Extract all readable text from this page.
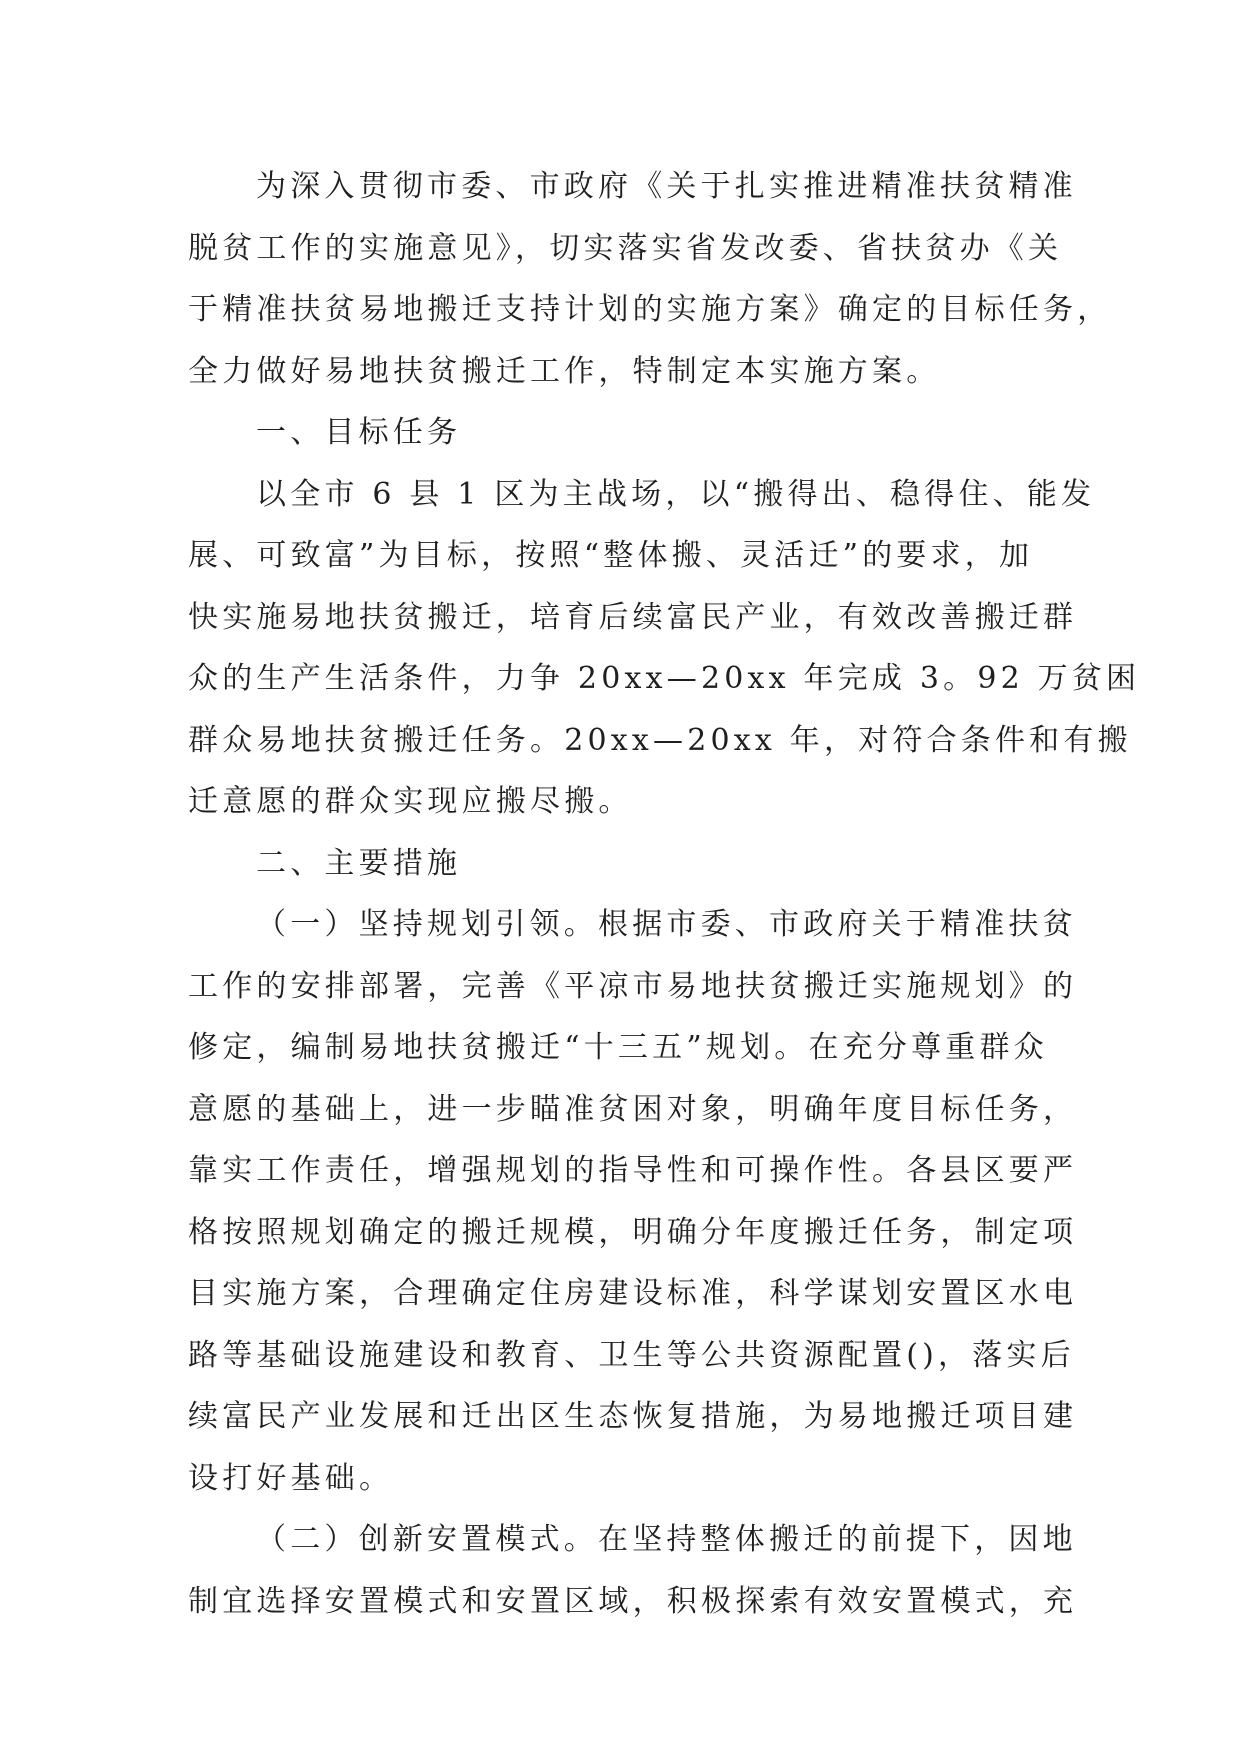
为深入贯彻市委、市政府《关于扎实推进精准扶贫精准
脱贫工作的实施意见》，切实落实省发改委、省扶贫办《关
于精准扶贫易地搬迁支持计划的实施方案》确定的目标任务，
全力做好易地扶贫搬迁工作，特制定本实施方案。

一、目标任务

以全市 6 县 1 区为主战场，以“搬得出、稳得住、能发
展、可致富”为目标，按照“整体搬、灵活迁”的要求，加
快实施易地扶贫搬迁，培育后续富民产业，有效改善搬迁群
众的生产生活条件，力争 20xx—20xx 年完成 3。92 万贫困
群众易地扶贫搬迁任务。20xx—20xx 年，对符合条件和有搬
迁意愿的群众实现应搬尽搬。

二、主要措施

（一）坚持规划引领。根据市委、市政府关于精准扶贫
工作的安排部署，完善《平凉市易地扶贫搬迁实施规划》的
修定，编制易地扶贫搬迁“十三五”规划。在充分尊重群众
意愿的基础上，进一步瞄准贫困对象，明确年度目标任务，
靠实工作责任，增强规划的指导性和可操作性。各县区要严
格按照规划确定的搬迁规模，明确分年度搬迁任务，制定项
目实施方案，合理确定住房建设标准，科学谋划安置区水电
路等基础设施建设和教育、卫生等公共资源配置()，落实后
续富民产业发展和迁出区生态恢复措施，为易地搬迁项目建
设打好基础。

（二）创新安置模式。在坚持整体搬迁的前提下，因地
制宜选择安置模式和安置区域，积极探索有效安置模式，充
